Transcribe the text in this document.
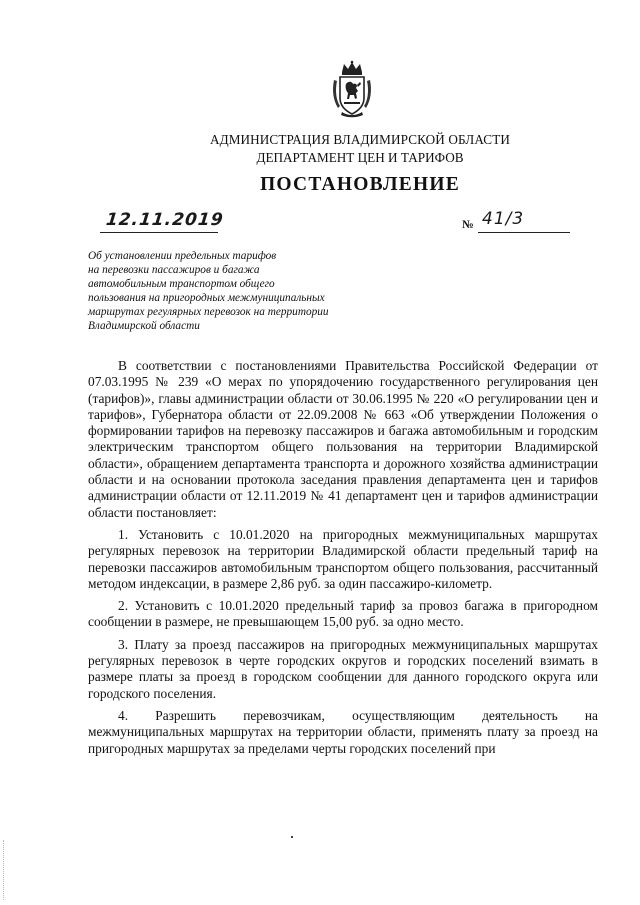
АДМИНИСТРАЦИЯ ВЛАДИМИРСКОЙ ОБЛАСТИ
ДЕПАРТАМЕНТ ЦЕН И ТАРИФОВ
ПОСТАНОВЛЕНИЕ
12.11.2019	№ 41/3
Об установлении предельных тарифов
на перевозки пассажиров и багажа
автомобильным транспортом общего
пользования на пригородных межмуниципальных
маршрутах регулярных перевозок на территории
Владимирской области

В соответствии с постановлениями Правительства Российской Федерации от 07.03.1995 № 239 «О мерах по упорядочению государственного регулирования цен (тарифов)», главы администрации области от 30.06.1995 № 220 «О регулировании цен и тарифов», Губернатора области от 22.09.2008 № 663 «Об утверждении Положения о формировании тарифов на перевозку пассажиров и багажа автомобильным и городским электрическим транспортом общего пользования на территории Владимирской области», обращением департамента транспорта и дорожного хозяйства администрации области и на основании протокола заседания правления департамента цен и тарифов администрации области от 12.11.2019 № 41 департамент цен и тарифов администрации области постановляет:

1. Установить с 10.01.2020 на пригородных межмуниципальных маршрутах регулярных перевозок на территории Владимирской области предельный тариф на перевозки пассажиров автомобильным транспортом общего пользования, рассчитанный методом индексации, в размере 2,86 руб. за один пассажиро-километр.

2. Установить с 10.01.2020 предельный тариф за провоз багажа в пригородном сообщении в размере, не превышающем 15,00 руб. за одно место.

3. Плату за проезд пассажиров на пригородных межмуниципальных маршрутах регулярных перевозок в черте городских округов и городских поселений взимать в размере платы за проезд в городском сообщении для данного городского округа или городского поселения.

4. Разрешить перевозчикам, осуществляющим деятельность на межмуниципальных маршрутах на территории области, применять плату за проезд на пригородных маршрутах за пределами черты городских поселений при
